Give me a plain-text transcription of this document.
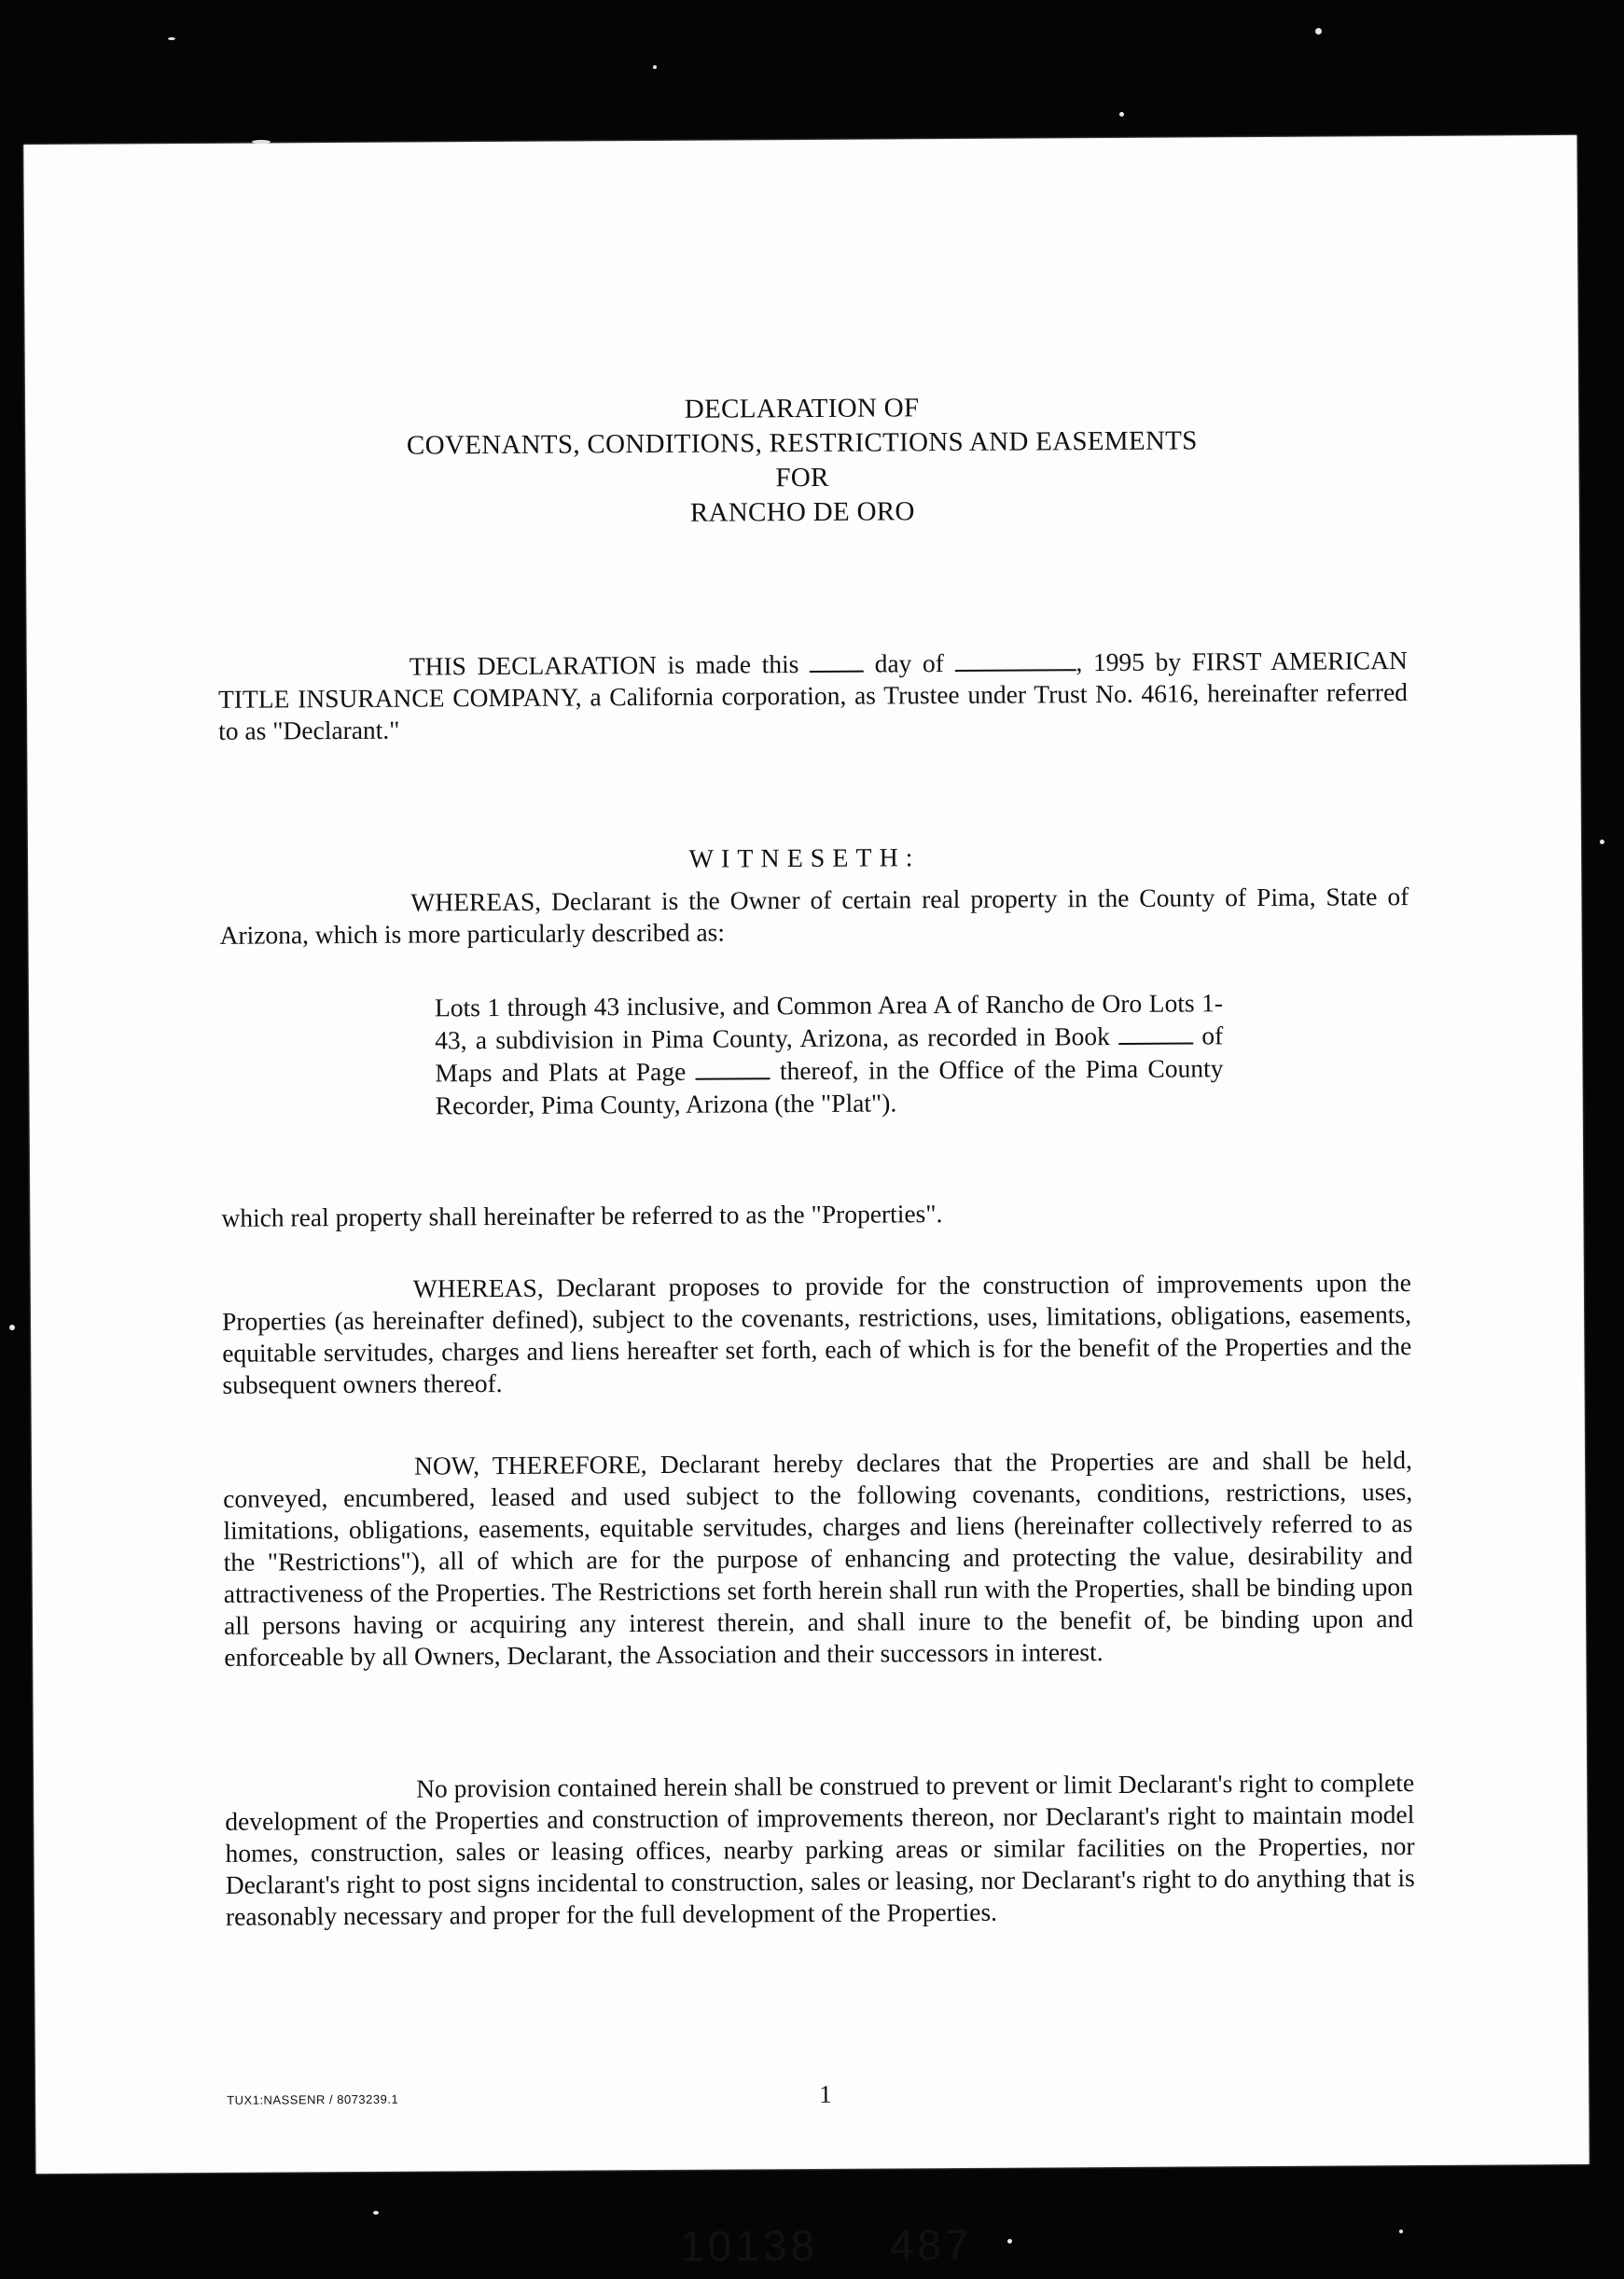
DECLARATION OF
COVENANTS, CONDITIONS, RESTRICTIONS AND EASEMENTS
FOR
RANCHO DE ORO
THIS DECLARATION is made this	day of	, 1995 by FIRST AMERICAN TITLE INSURANCE COMPANY, a California corporation, as Trustee under Trust No. 4616, hereinafter referred to as "Declarant."
WITNESETH:
WHEREAS, Declarant is the Owner of certain real property in the County of Pima, State of Arizona, which is more particularly described as:
Lots 1 through 43 inclusive, and Common Area A of Rancho de Oro Lots 1-43, a subdivision in Pima County, Arizona, as recorded in Book	of Maps and Plats at Page	thereof, in the Office of the Pima County Recorder, Pima County, Arizona (the "Plat").
which real property shall hereinafter be referred to as the "Properties".
WHEREAS, Declarant proposes to provide for the construction of improvements upon the Properties (as hereinafter defined), subject to the covenants, restrictions, uses, limitations, obligations, easements, equitable servitudes, charges and liens hereafter set forth, each of which is for the benefit of the Properties and the subsequent owners thereof.
NOW, THEREFORE, Declarant hereby declares that the Properties are and shall be held, conveyed, encumbered, leased and used subject to the following covenants, conditions, restrictions, uses, limitations, obligations, easements, equitable servitudes, charges and liens (hereinafter collectively referred to as the "Restrictions"), all of which are for the purpose of enhancing and protecting the value, desirability and attractiveness of the Properties. The Restrictions set forth herein shall run with the Properties, shall be binding upon all persons having or acquiring any interest therein, and shall inure to the benefit of, be binding upon and enforceable by all Owners, Declarant, the Association and their successors in interest.
No provision contained herein shall be construed to prevent or limit Declarant's right to complete development of the Properties and construction of improvements thereon, nor Declarant's right to maintain model homes, construction, sales or leasing offices, nearby parking areas or similar facilities on the Properties, nor Declarant's right to post signs incidental to construction, sales or leasing, nor Declarant's right to do anything that is reasonably necessary and proper for the full development of the Properties.
TUX1:NASSENR / 8073239.1	1
10138 487
